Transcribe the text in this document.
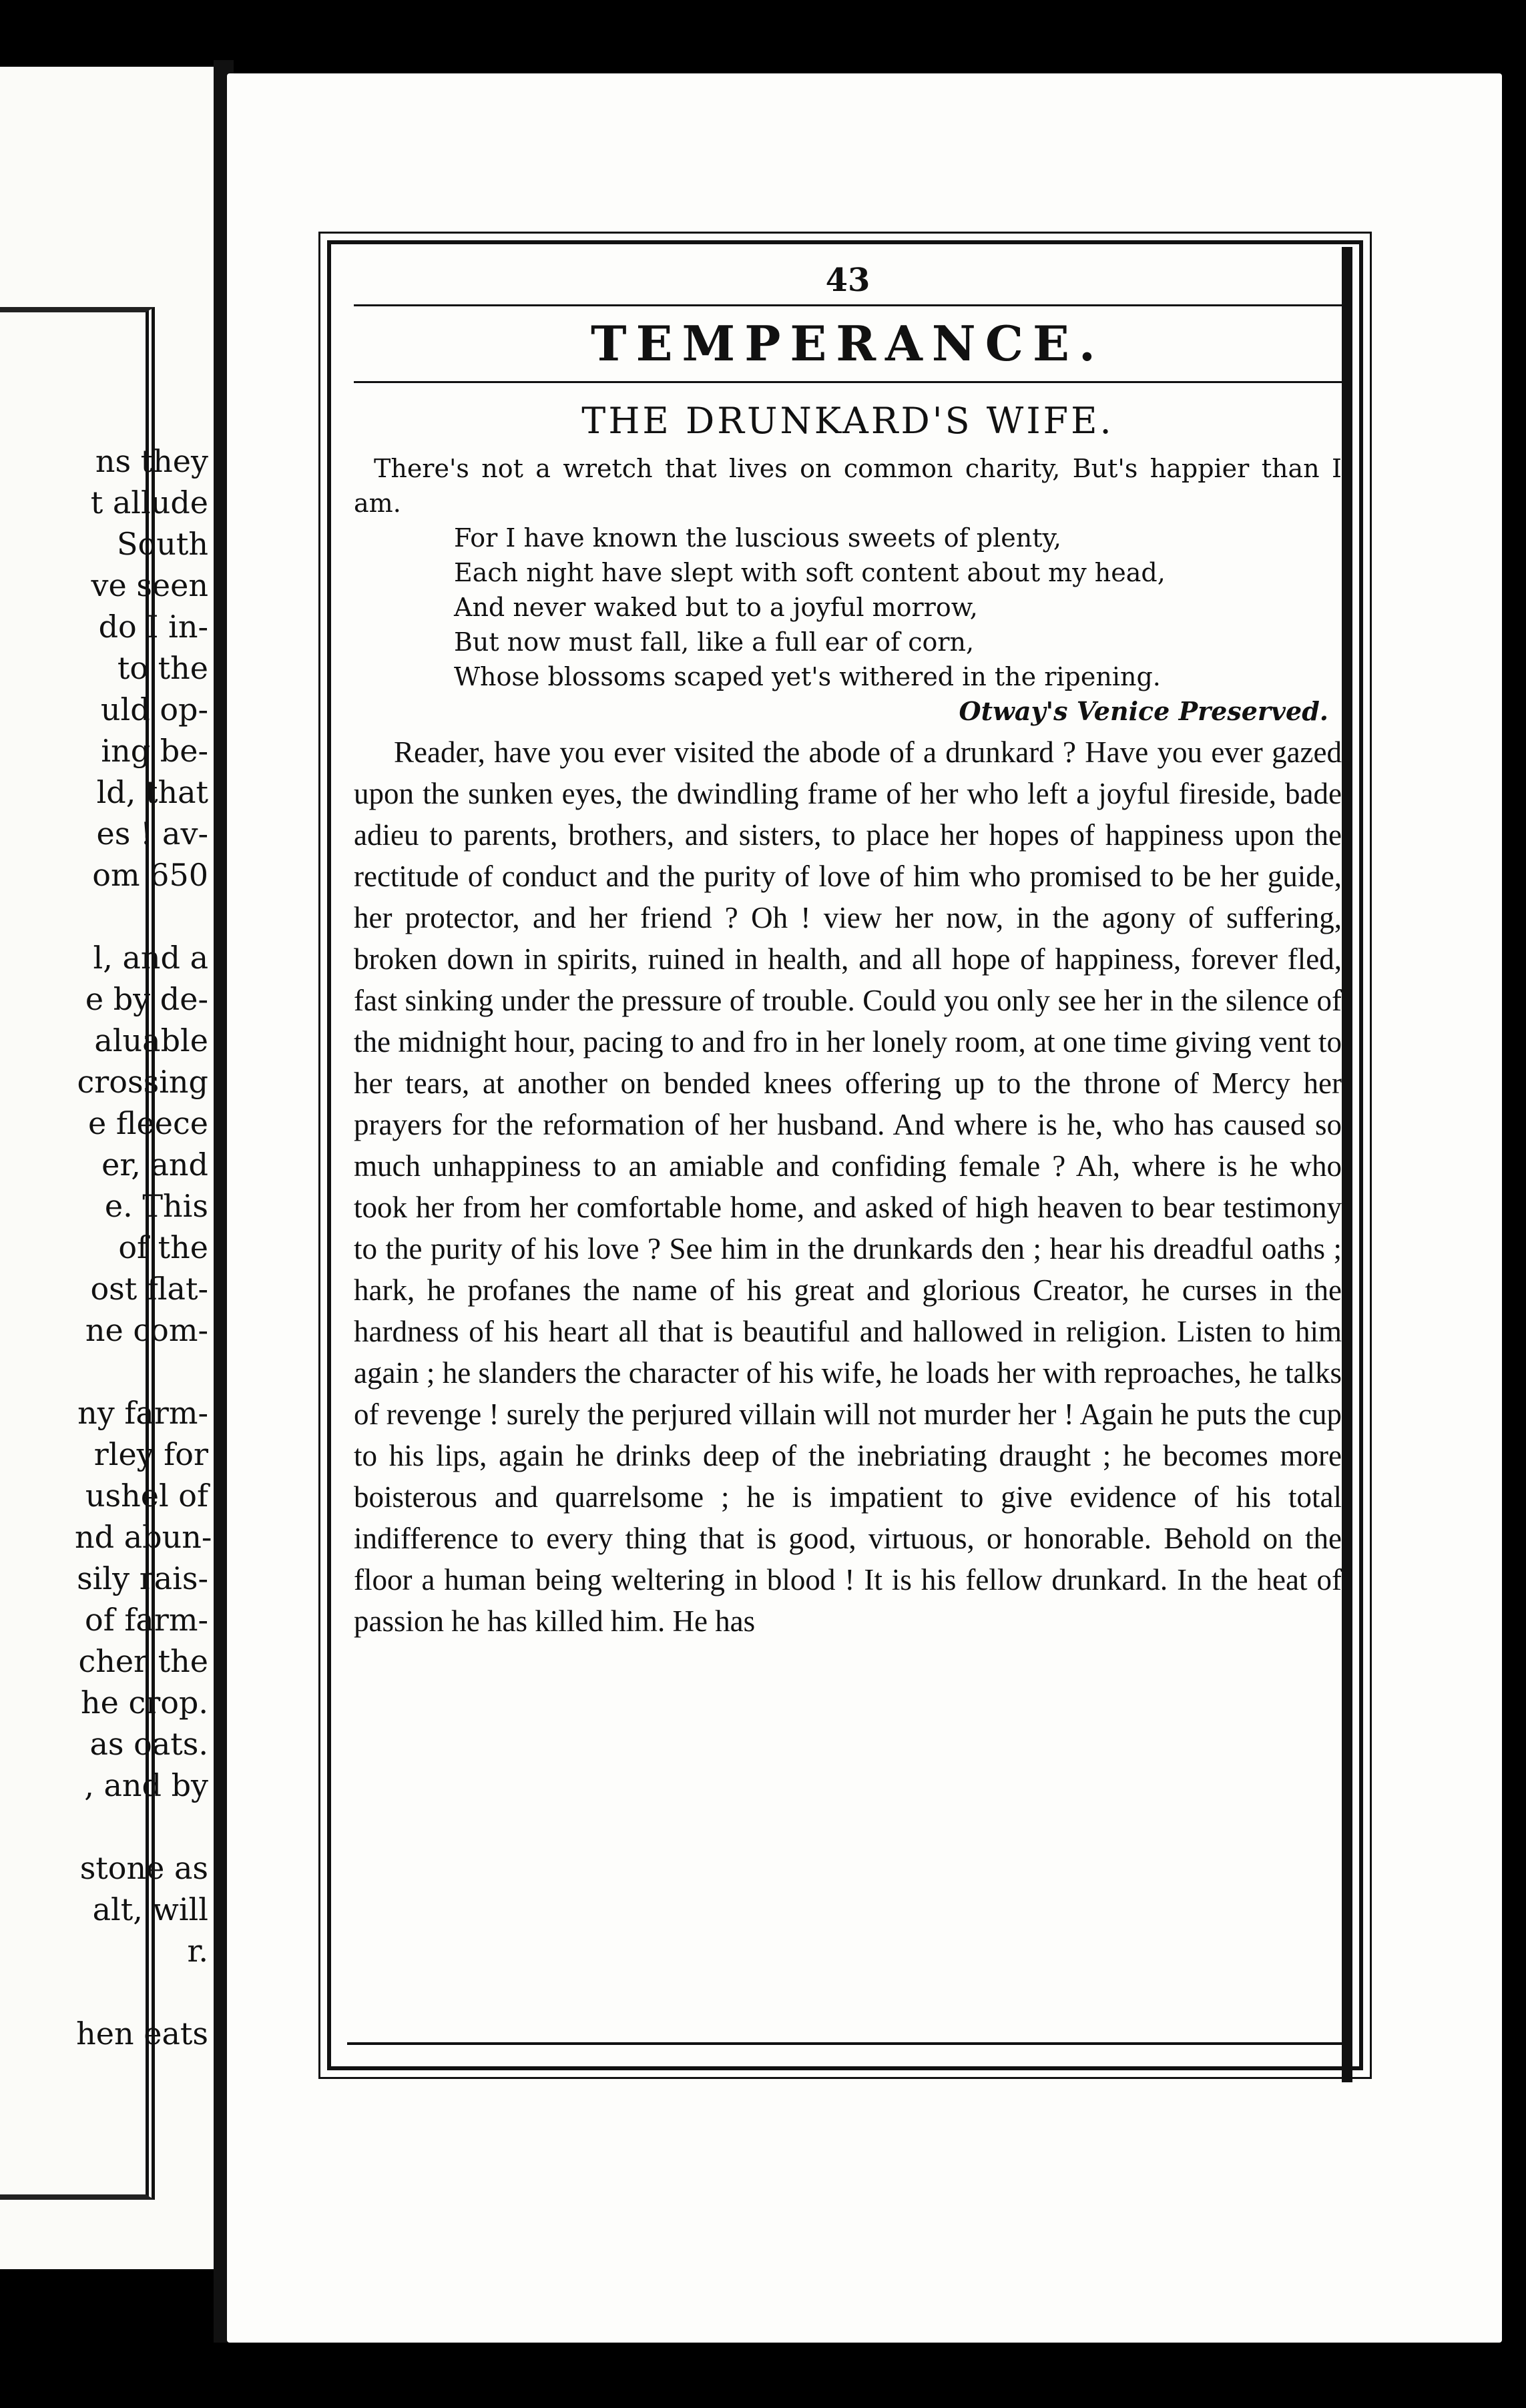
ns they
t allude
South
ve seen
do I in-
to the
uld op-
ing be-
ld, that
es ! av-
om 650
l, and a
e by de-
aluable
crossing
e fleece
er, and
e. This
of the
ost flat-
ne com-
ny farm-
rley for
ushel of
nd abun-
sily rais-
of farm-
cher the
he crop.
as oats.
, and by
stone as
alt, will
r.
hen eats
43
TEMPERANCE.
THE DRUNKARD'S WIFE.
There's not a wretch that lives on common charity, But's happier than I am.
For I have known the luscious sweets of plenty,
Each night have slept with soft content about my head,
And never waked but to a joyful morrow,
But now must fall, like a full ear of corn,
Whose blossoms scaped yet's withered in the ripening.
Otway's Venice Preserved.
Reader, have you ever visited the abode of a drunkard ? Have you ever gazed upon the sunken eyes, the dwindling frame of her who left a joyful fireside, bade adieu to parents, brothers, and sisters, to place her hopes of happiness upon the rectitude of conduct and the purity of love of him who promised to be her guide, her protector, and her friend ? Oh ! view her now, in the agony of suffering, broken down in spirits, ruined in health, and all hope of happiness, forever fled, fast sinking under the pressure of trouble. Could you only see her in the silence of the midnight hour, pacing to and fro in her lonely room, at one time giving vent to her tears, at another on bended knees offering up to the throne of Mercy her prayers for the reformation of her husband. And where is he, who has caused so much unhappiness to an amiable and confiding female ? Ah, where is he who took her from her comfortable home, and asked of high heaven to bear testimony to the purity of his love ? See him in the drunkards den ; hear his dreadful oaths ; hark, he profanes the name of his great and glorious Creator, he curses in the hardness of his heart all that is beautiful and hallowed in religion. Listen to him again ; he slanders the character of his wife, he loads her with reproaches, he talks of revenge ! surely the perjured villain will not murder her ! Again he puts the cup to his lips, again he drinks deep of the inebriating draught ; he becomes more boisterous and quarrelsome ; he is impatient to give evidence of his total indifference to every thing that is good, virtuous, or honorable. Behold on the floor a human being weltering in blood ! It is his fellow drunkard. In the heat of passion he has killed him. He has
